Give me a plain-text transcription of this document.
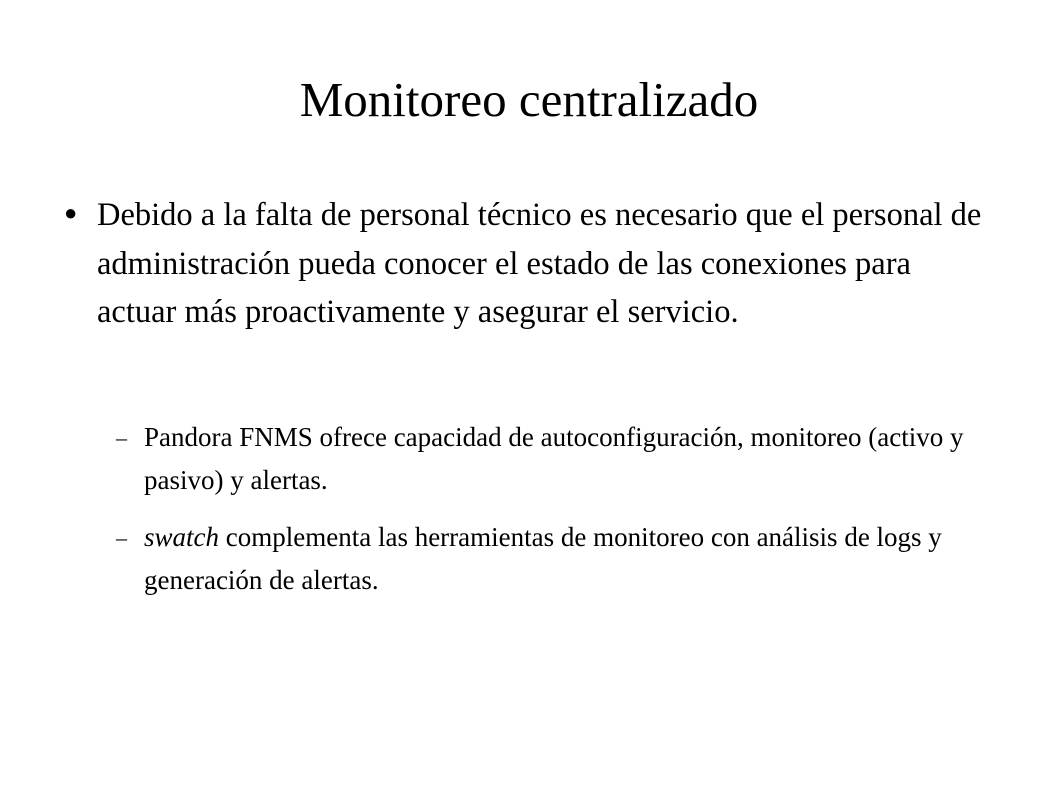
Monitoreo centralizado
● Debido a la falta de personal técnico es necesario que el personal de administración pueda conocer el estado de las conexiones para actuar más proactivamente y asegurar el servicio.
– Pandora FNMS ofrece capacidad de autoconfiguración, monitoreo (activo y pasivo) y alertas.
– swatch complementa las herramientas de monitoreo con análisis de logs y generación de alertas.
